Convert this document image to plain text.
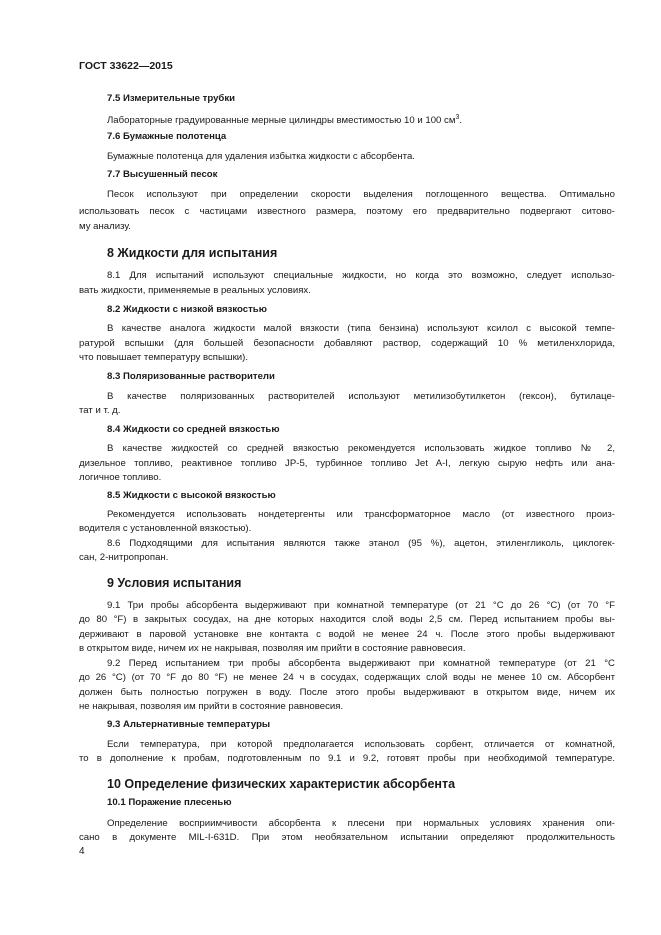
ГОСТ 33622—2015
7.5 Измерительные трубки
Лабораторные градуированные мерные цилиндры вместимостью 10 и 100 $см^3$.
7.6 Бумажные полотенца
Бумажные полотенца для удаления избытка жидкости с абсорбента.
7.7 Высушенный песок
Песок используют при определении скорости выделения поглощенного вещества. Оптимально
использовать песок с частицами известного размера, поэтому его предварительно подвергают ситово-
му анализу.
8 Жидкости для испытания
8.1 Для испытаний используют специальные жидкости, но когда это возможно, следует использо-
вать жидкости, применяемые в реальных условиях.
8.2 Жидкости с низкой вязкостью
В качестве аналога жидкости малой вязкости (типа бензина) используют ксилол с высокой темпе-
ратурой вспышки (для большей безопасности добавляют раствор, содержащий 10 % метиленхлорида,
что повышает температуру вспышки).
8.3 Поляризованные растворители
В качестве поляризованных растворителей используют метилизобутилкетон (гексон), бутилаце-
тат и т. д.
8.4 Жидкости со средней вязкостью
В качестве жидкостей со средней вязкостью рекомендуется использовать жидкое топливо № 2,
дизельное топливо, реактивное топливо JP-5, турбинное топливо Jet A-I, легкую сырую нефть или ана-
логичное топливо.
8.5 Жидкости с высокой вязкостью
Рекомендуется использовать нондетергенты или трансформаторное масло (от известного произ-
водителя с установленной вязкостью).
8.6 Подходящими для испытания являются также этанол (95 %), ацетон, этиленгликоль, циклогек-
сан, 2-нитропропан.
9 Условия испытания
9.1 Три пробы абсорбента выдерживают при комнатной температуре (от 21 °С до 26 °С) (от 70 °F
до 80 °F) в закрытых сосудах, на дне которых находится слой воды 2,5 см. Перед испытанием пробы вы-
держивают в паровой установке вне контакта с водой не менее 24 ч. После этого пробы выдерживают
в открытом виде, ничем их не накрывая, позволяя им прийти в состояние равновесия.
9.2 Перед испытанием три пробы абсорбента выдерживают при комнатной температуре (от 21 °С
до 26 °С) (от 70 °F до 80 °F) не менее 24 ч в сосудах, содержащих слой воды не менее 10 см. Абсорбент
должен быть полностью погружен в воду. После этого пробы выдерживают в открытом виде, ничем их
не накрывая, позволяя им прийти в состояние равновесия.
9.3 Альтернативные температуры
Если температура, при которой предполагается использовать сорбент, отличается от комнатной,
то в дополнение к пробам, подготовленным по 9.1 и 9.2, готовят пробы при необходимой температуре.
10 Определение физических характеристик абсорбента
10.1 Поражение плесенью
Определение восприимчивости абсорбента к плесени при нормальных условиях хранения опи-
сано в документе MIL-I-631D. При этом необязательном испытании определяют продолжительность
4
